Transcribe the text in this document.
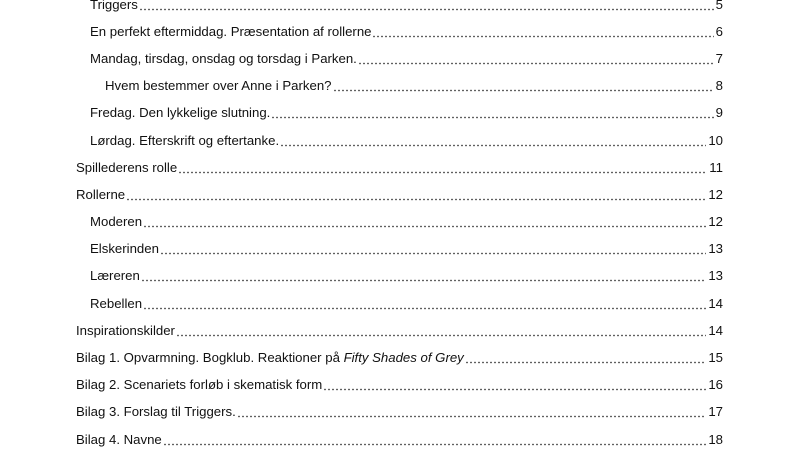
Triggers	5
En perfekt eftermiddag. Præsentation af rollerne	6
Mandag, tirsdag, onsdag og torsdag i Parken.	7
Hvem bestemmer over Anne i Parken?	8
Fredag. Den lykkelige slutning.	9
Lørdag. Efterskrift og eftertanke.	10
Spillederens rolle	11
Rollerne	12
Moderen	12
Elskerinden	13
Læreren	13
Rebellen	14
Inspirationskilder	14
Bilag 1. Opvarmning. Bogklub. Reaktioner på Fifty Shades of Grey	15
Bilag 2. Scenariets forløb i skematisk form	16
Bilag 3. Forslag til Triggers.	17
Bilag 4. Navne	18
